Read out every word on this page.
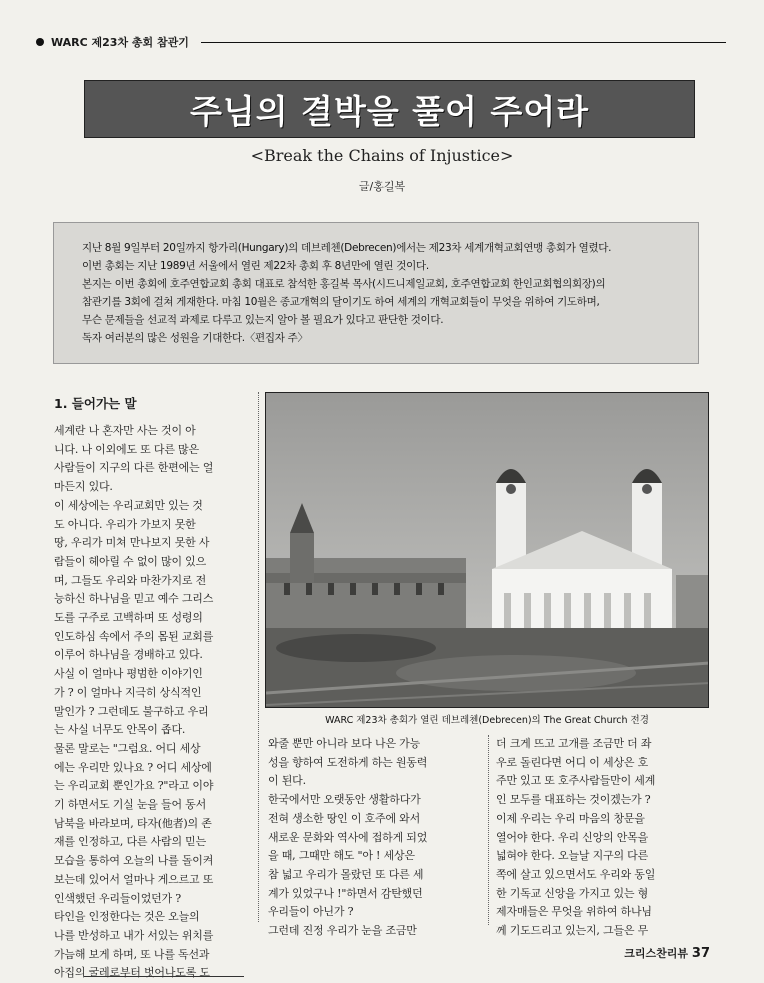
WARC 제23차 총회 참관기
주님의 결박을 풀어 주어라
<Break the Chains of Injustice>
글/홍길복

지난 8월 9일부터 20일까지 항가리(Hungary)의 데브레첸(Debrecen)에서는 제23차 세계개혁교회연맹 총회가 열렸다.

이번 총회는 지난 1989년 서울에서 열린 제22차 총회 후 8년만에 열린 것이다.

본지는 이번 총회에 호주연합교회 총회 대표로 참석한 홍길복 목사(시드니제일교회, 호주연합교회 한인교회협의회장)의

참관기를 3회에 걸쳐 게재한다. 마침 10월은 종교개혁의 달이기도 하여 세계의 개혁교회들이 무엇을 위하여 기도하며,

무슨 문제들을 선교적 과제로 다루고 있는지 알아 볼 필요가 있다고 판단한 것이다.

독자 여러분의 많은 성원을 기대한다.〈편집자 주〉

1. 들어가는 말

세계란 나 혼자만 사는 것이 아

니다. 나 이외에도 또 다른 많은

사람들이 지구의 다른 한편에는 얼

마든지 있다.

이 세상에는 우리교회만 있는 것

도 아니다. 우리가 가보지 못한

땅, 우리가 미쳐 만나보지 못한 사

람들이 헤아릴 수 없이 많이 있으

며, 그들도 우리와 마찬가지로 전

능하신 하나님을 믿고 예수 그리스

도를 구주로 고백하며 또 성령의

인도하심 속에서 주의 몸된 교회를

이루어 하나님을 경배하고 있다.

사실 이 얼마나 평범한 이야기인

가 ? 이 얼마나 지극히 상식적인

말인가 ? 그런데도 불구하고 우리

는 사실 너무도 안목이 좁다.

물론 말로는 "그럼요. 어디 세상

에는 우리만 있나요 ? 어디 세상에

는 우리교회 뿐인가요 ?"라고 이야

기 하면서도 기실 눈을 들어 동서

남북을 바라보며, 타자(他者)의 존

재를 인정하고, 다른 사람의 믿는

모습을 통하여 오늘의 나를 돌이켜

보는데 있어서 얼마나 게으르고 또

인색했던 우리들이었던가 ?

타인을 인정한다는 것은 오늘의

나를 반성하고 내가 서있는 위치를

가늠해 보게 하며, 또 나를 독선과

아집의 굴레로부터 벗어나도록 도

WARC 제23차 총회가 열린 데브레첸(Debrecen)의 The Great Church 전경

와줄 뿐만 아니라 보다 나은 가능

성을 향하여 도전하게 하는 원동력

이 된다.

한국에서만 오랫동안 생활하다가

전혀 생소한 땅인 이 호주에 와서

새로운 문화와 역사에 접하게 되었

을 때, 그때만 해도 "아 ! 세상은

참 넓고 우리가 몰랐던 또 다른 세

계가 있었구나 !"하면서 감탄했던

우리들이 아닌가 ?

그런데 진정 우리가 눈을 조금만

더 크게 뜨고 고개를 조금만 더 좌

우로 돌린다면 어디 이 세상은 호

주만 있고 또 호주사람들만이 세계

인 모두를 대표하는 것이겠는가 ?

이제 우리는 우리 마음의 창문을

열어야 한다. 우리 신앙의 안목을

넓혀야 한다. 오늘날 지구의 다른

쪽에 살고 있으면서도 우리와 동일

한 기독교 신앙을 가지고 있는 형

제자매들은 무엇을 위하여 하나님

께 기도드리고 있는지, 그들은 무

크리스찬리뷰 37
